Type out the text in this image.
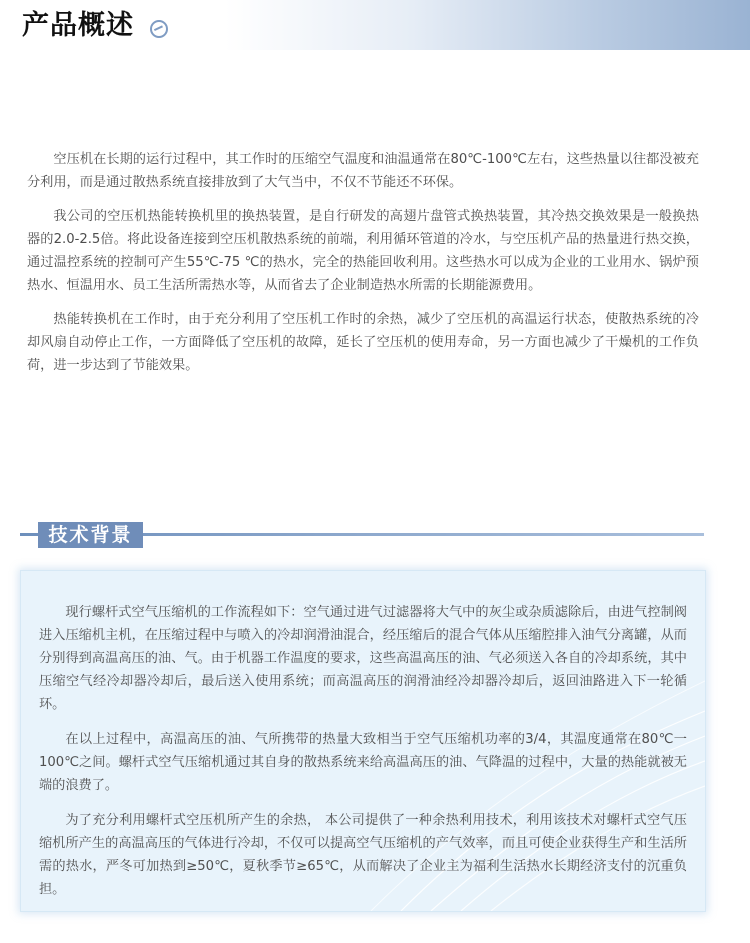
产品概述

空压机在长期的运行过程中，其工作时的压缩空气温度和油温通常在80℃-100℃左右，这些热量以往都没被充分利用，而是通过散热系统直接排放到了大气当中，不仅不节能还不环保。

我公司的空压机热能转换机里的换热装置，是自行研发的高翅片盘管式换热装置，其冷热交换效果是一般换热器的2.0-2.5倍。将此设备连接到空压机散热系统的前端，利用循环管道的冷水，与空压机产品的热量进行热交换，通过温控系统的控制可产生55℃-75 ℃的热水，完全的热能回收利用。这些热水可以成为企业的工业用水、锅炉预热水、恒温用水、员工生活所需热水等，从而省去了企业制造热水所需的长期能源费用。

热能转换机在工作时，由于充分利用了空压机工作时的余热，减少了空压机的高温运行状态，使散热系统的冷却风扇自动停止工作，一方面降低了空压机的故障，延长了空压机的使用寿命，另一方面也减少了干燥机的工作负荷，进一步达到了节能效果。

技术背景

现行螺杆式空气压缩机的工作流程如下：空气通过进气过滤器将大气中的灰尘或杂质滤除后，由进气控制阀进入压缩机主机，在压缩过程中与喷入的冷却润滑油混合，经压缩后的混合气体从压缩腔排入油气分离罐，从而分别得到高温高压的油、气。由于机器工作温度的要求，这些高温高压的油、气必须送入各自的冷却系统，其中压缩空气经冷却器冷却后，最后送入使用系统；而高温高压的润滑油经冷却器冷却后，返回油路进入下一轮循环。

在以上过程中，高温高压的油、气所携带的热量大致相当于空气压缩机功率的3/4，其温度通常在80℃一100℃之间。螺杆式空气压缩机通过其自身的散热系统来给高温高压的油、气降温的过程中，大量的热能就被无端的浪费了。

为了充分利用螺杆式空压机所产生的余热， 本公司提供了一种余热利用技术，利用该技术对螺杆式空气压缩机所产生的高温高压的气体进行冷却，不仅可以提高空气压缩机的产气效率，而且可使企业获得生产和生活所需的热水，严冬可加热到≥50℃，夏秋季节≥65℃，从而解决了企业主为福利生活热水长期经济支付的沉重负担。
